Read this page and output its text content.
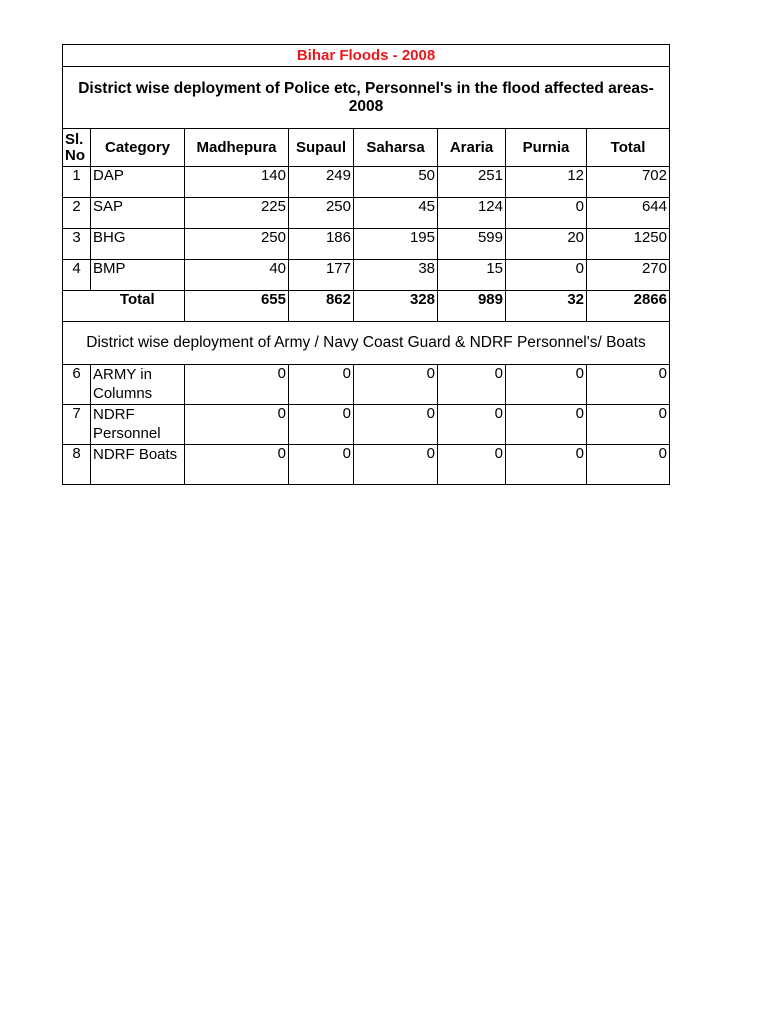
Bihar Floods - 2008							
District wise deployment of Police etc, Personnel's in the flood affected areas-2008							
Sl. No	Category	Madhepura	Supaul	Saharsa	Araria	Purnia	Total
1	DAP	140	249	50	251	12	702
2	SAP	225	250	45	124	0	644
3	BHG	250	186	195	599	20	1250
4	BMP	40	177	38	15	0	270
	Total	655	862	328	989	32	2866
District wise deployment of Army / Navy Coast Guard & NDRF Personnel's/ Boats							
6	ARMY in Columns	0	0	0	0	0	0
7	NDRF Personnel	0	0	0	0	0	0
8	NDRF Boats	0	0	0	0	0	0
